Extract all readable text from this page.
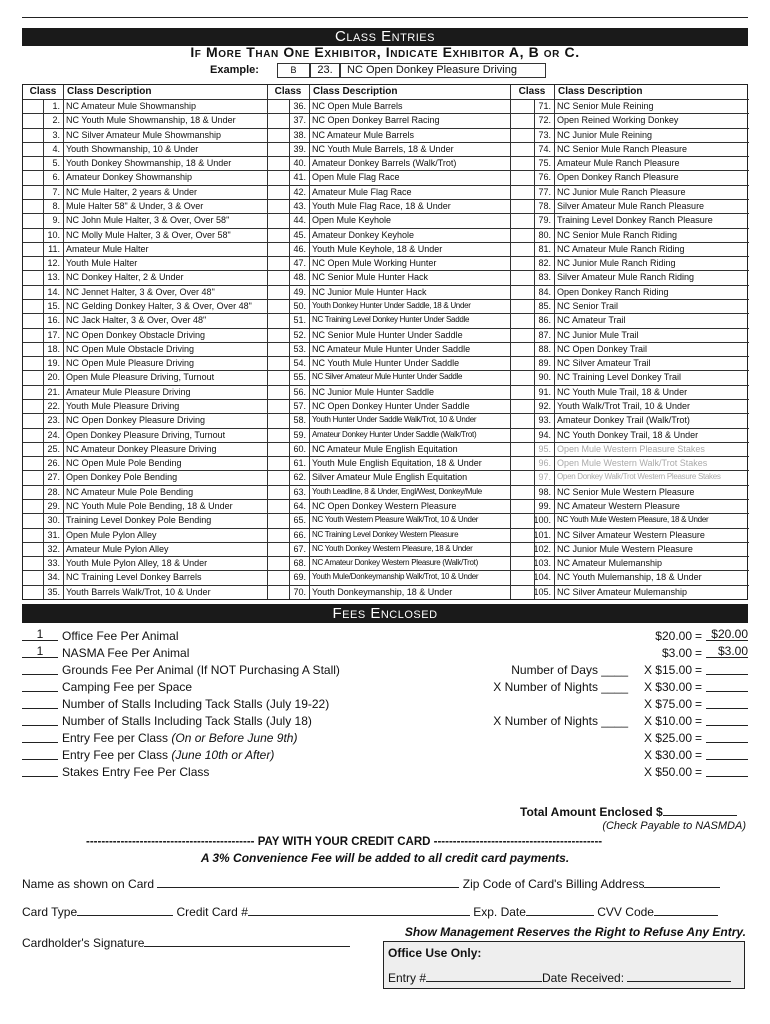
Class Entries
If More Than One Exhibitor, Indicate Exhibitor A, B or C.
Example:	B	23.	NC Open Donkey Pleasure Driving
Class	Class Description
1. NC Amateur Mule Showmanship
2. NC Youth Mule Showmanship, 18 & Under
3. NC Silver Amateur Mule Showmanship
4. Youth Showmanship, 10 & Under
5. Youth Donkey Showmanship, 18 & Under
6. Amateur Donkey Showmanship
7. NC Mule Halter, 2 years & Under
8. Mule Halter 58" & Under, 3 & Over
9. NC John Mule Halter, 3 & Over, Over 58"
10. NC Molly Mule Halter, 3 & Over, Over 58"
11. Amateur Mule Halter
12. Youth Mule Halter
13. NC Donkey Halter, 2 & Under
14. NC Jennet Halter, 3 & Over, Over 48"
15. NC Gelding Donkey Halter, 3 & Over, Over 48"
16. NC Jack Halter, 3 & Over, Over 48"
17. NC Open Donkey Obstacle Driving
18. NC Open Mule Obstacle Driving
19. NC Open Mule Pleasure Driving
20. Open Mule Pleasure Driving, Turnout
21. Amateur Mule Pleasure Driving
22. Youth Mule Pleasure Driving
23. NC Open Donkey Pleasure Driving
24. Open Donkey Pleasure Driving, Turnout
25. NC Amateur Donkey Pleasure Driving
26. NC Open Mule Pole Bending
27. Open Donkey Pole Bending
28. NC Amateur Mule Pole Bending
29. NC Youth Mule Pole Bending, 18 & Under
30. Training Level Donkey Pole Bending
31. Open Mule Pylon Alley
32. Amateur Mule Pylon Alley
33. Youth Mule Pylon Alley, 18 & Under
34. NC Training Level Donkey Barrels
35. Youth Barrels Walk/Trot, 10 & Under
Class	Class Description
36. NC Open Mule Barrels
37. NC Open Donkey Barrel Racing
38. NC Amateur Mule Barrels
39. NC Youth Mule Barrels, 18 & Under
40. Amateur Donkey Barrels (Walk/Trot)
41. Open Mule Flag Race
42. Amateur Mule Flag Race
43. Youth Mule Flag Race, 18 & Under
44. Open Mule Keyhole
45. Amateur Donkey Keyhole
46. Youth Mule Keyhole, 18 & Under
47. NC Open Mule Working Hunter
48. NC Senior Mule Hunter Hack
49. NC Junior Mule Hunter Hack
50. Youth Donkey Hunter Under Saddle, 18 & Under
51. NC Training Level Donkey Hunter Under Saddle
52. NC Senior Mule Hunter Under Saddle
53. NC Amateur Mule Hunter Under Saddle
54. NC Youth Mule Hunter Under Saddle
55. NC Silver Amateur Mule Hunter Under Saddle
56. NC Junior Mule Hunter Saddle
57. NC Open Donkey Hunter Under Saddle
58. Youth Hunter Under Saddle Walk/Trot, 10 & Under
59. Amateur Donkey Hunter Under Saddle (Walk/Trot)
60. NC Amateur Mule English Equitation
61. Youth Mule English Equitation, 18 & Under
62. Silver Amateur Mule English Equitation
63. Youth Leadline, 8 & Under, Engl/West, Donkey/Mule
64. NC Open Donkey Western Pleasure
65. NC Youth Western Pleasure Walk/Trot, 10 & Under
66. NC Training Level Donkey Western Pleasure
67. NC Youth Donkey Western Pleasure, 18 & Under
68. NC Amateur Donkey Western Pleasure (Walk/Trot)
69. Youth Mule/Donkeymanship Walk/Trot, 10 & Under
70. Youth Donkeymanship, 18 & Under
Class	Class Description
71. NC Senior Mule Reining
72. Open Reined Working Donkey
73. NC Junior Mule Reining
74. NC Senior Mule Ranch Pleasure
75. Amateur Mule Ranch Pleasure
76. Open Donkey Ranch Pleasure
77. NC Junior Mule Ranch Pleasure
78. Silver Amateur Mule Ranch Pleasure
79. Training Level Donkey Ranch Pleasure
80. NC Senior Mule Ranch Riding
81. NC Amateur Mule Ranch Riding
82. NC Junior Mule Ranch Riding
83. Silver Amateur Mule Ranch Riding
84. Open Donkey Ranch Riding
85. NC Senior Trail
86. NC Amateur Trail
87. NC Junior Mule Trail
88. NC Open Donkey Trail
89. NC Silver Amateur Trail
90. NC Training Level Donkey Trail
91. NC Youth Mule Trail, 18 & Under
92. Youth Walk/Trot Trail, 10 & Under
93. Amateur Donkey Trail (Walk/Trot)
94. NC Youth Donkey Trail, 18 & Under
95. Open Mule Western Pleasure Stakes
96. Open Mule Western Walk/Trot Stakes
97. Open Donkey Walk/Trot Western Pleasure Stakes
98. NC Senior Mule Western Pleasure
99. NC Amateur Western Pleasure
100. NC Youth Mule Western Pleasure, 18 & Under
101. NC Silver Amateur Western Pleasure
102. NC Junior Mule Western Pleasure
103. NC Amateur Mulemanship
104. NC Youth Mulemanship, 18 & Under
105. NC Silver Amateur Mulemanship
Fees Enclosed
1	Office Fee Per Animal	$20.00 = $20.00
1	NASMA Fee Per Animal	$3.00 =	$3.00
Grounds Fee Per Animal (If NOT Purchasing A Stall)	Number of Days ____ X $15.00 =
Camping Fee per Space	X Number of Nights ____ X $30.00 =
Number of Stalls Including Tack Stalls (July 19-22)	X $75.00 =
Number of Stalls Including Tack Stalls (July 18)	X Number of Nights ____ X $10.00 =
Entry Fee per Class (On or Before June 9th)	X $25.00 =
Entry Fee per Class (June 10th or After)	X $30.00 =
Stakes Entry Fee Per Class	X $50.00 =
Total Amount Enclosed $
(Check Payable to NASMDA)
-------------------------------------------- PAY WITH YOUR CREDIT CARD --------------------------------------------
A 3% Convenience Fee will be added to all credit card payments.
Name as shown on Card	Zip Code of Card's Billing Address
Card Type	Credit Card #	Exp. Date	CVV Code
Cardholder's Signature
Show Management Reserves the Right to Refuse Any Entry.
Office Use Only:
Entry #	Date Received:
